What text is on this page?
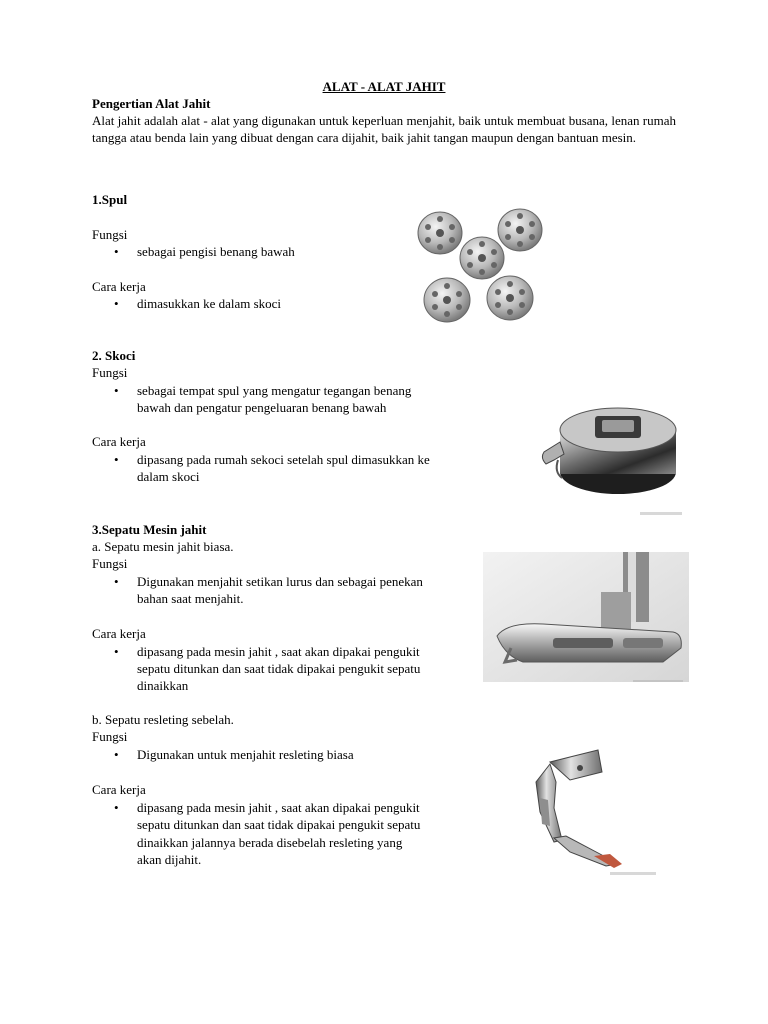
ALAT - ALAT JAHIT
Pengertian Alat Jahit
Alat jahit adalah alat - alat yang digunakan untuk keperluan menjahit, baik untuk membuat busana, lenan rumah tangga atau benda lain yang dibuat dengan cara dijahit, baik jahit tangan maupun dengan bantuan mesin.
1.Spul
Fungsi
• sebagai pengisi benang bawah
Cara kerja
• dimasukkan ke dalam skoci
2. Skoci
Fungsi
• sebagai tempat spul yang mengatur tegangan benang
bawah dan pengatur pengeluaran benang bawah
Cara kerja
• dipasang pada rumah sekoci setelah spul dimasukkan ke
dalam skoci
3.Sepatu Mesin jahit
a. Sepatu mesin jahit biasa.
Fungsi
• Digunakan menjahit setikan lurus dan sebagai penekan
bahan saat menjahit.
Cara kerja
• dipasang pada mesin jahit , saat akan dipakai pengukit
sepatu ditunkan dan saat tidak dipakai pengukit sepatu
dinaikkan
b. Sepatu resleting sebelah.
Fungsi
• Digunakan untuk menjahit resleting biasa
Cara kerja
• dipasang pada mesin jahit , saat akan dipakai pengukit
sepatu ditunkan dan saat tidak dipakai pengukit sepatu
dinaikkan jalannya berada disebelah resleting yang
akan dijahit.
